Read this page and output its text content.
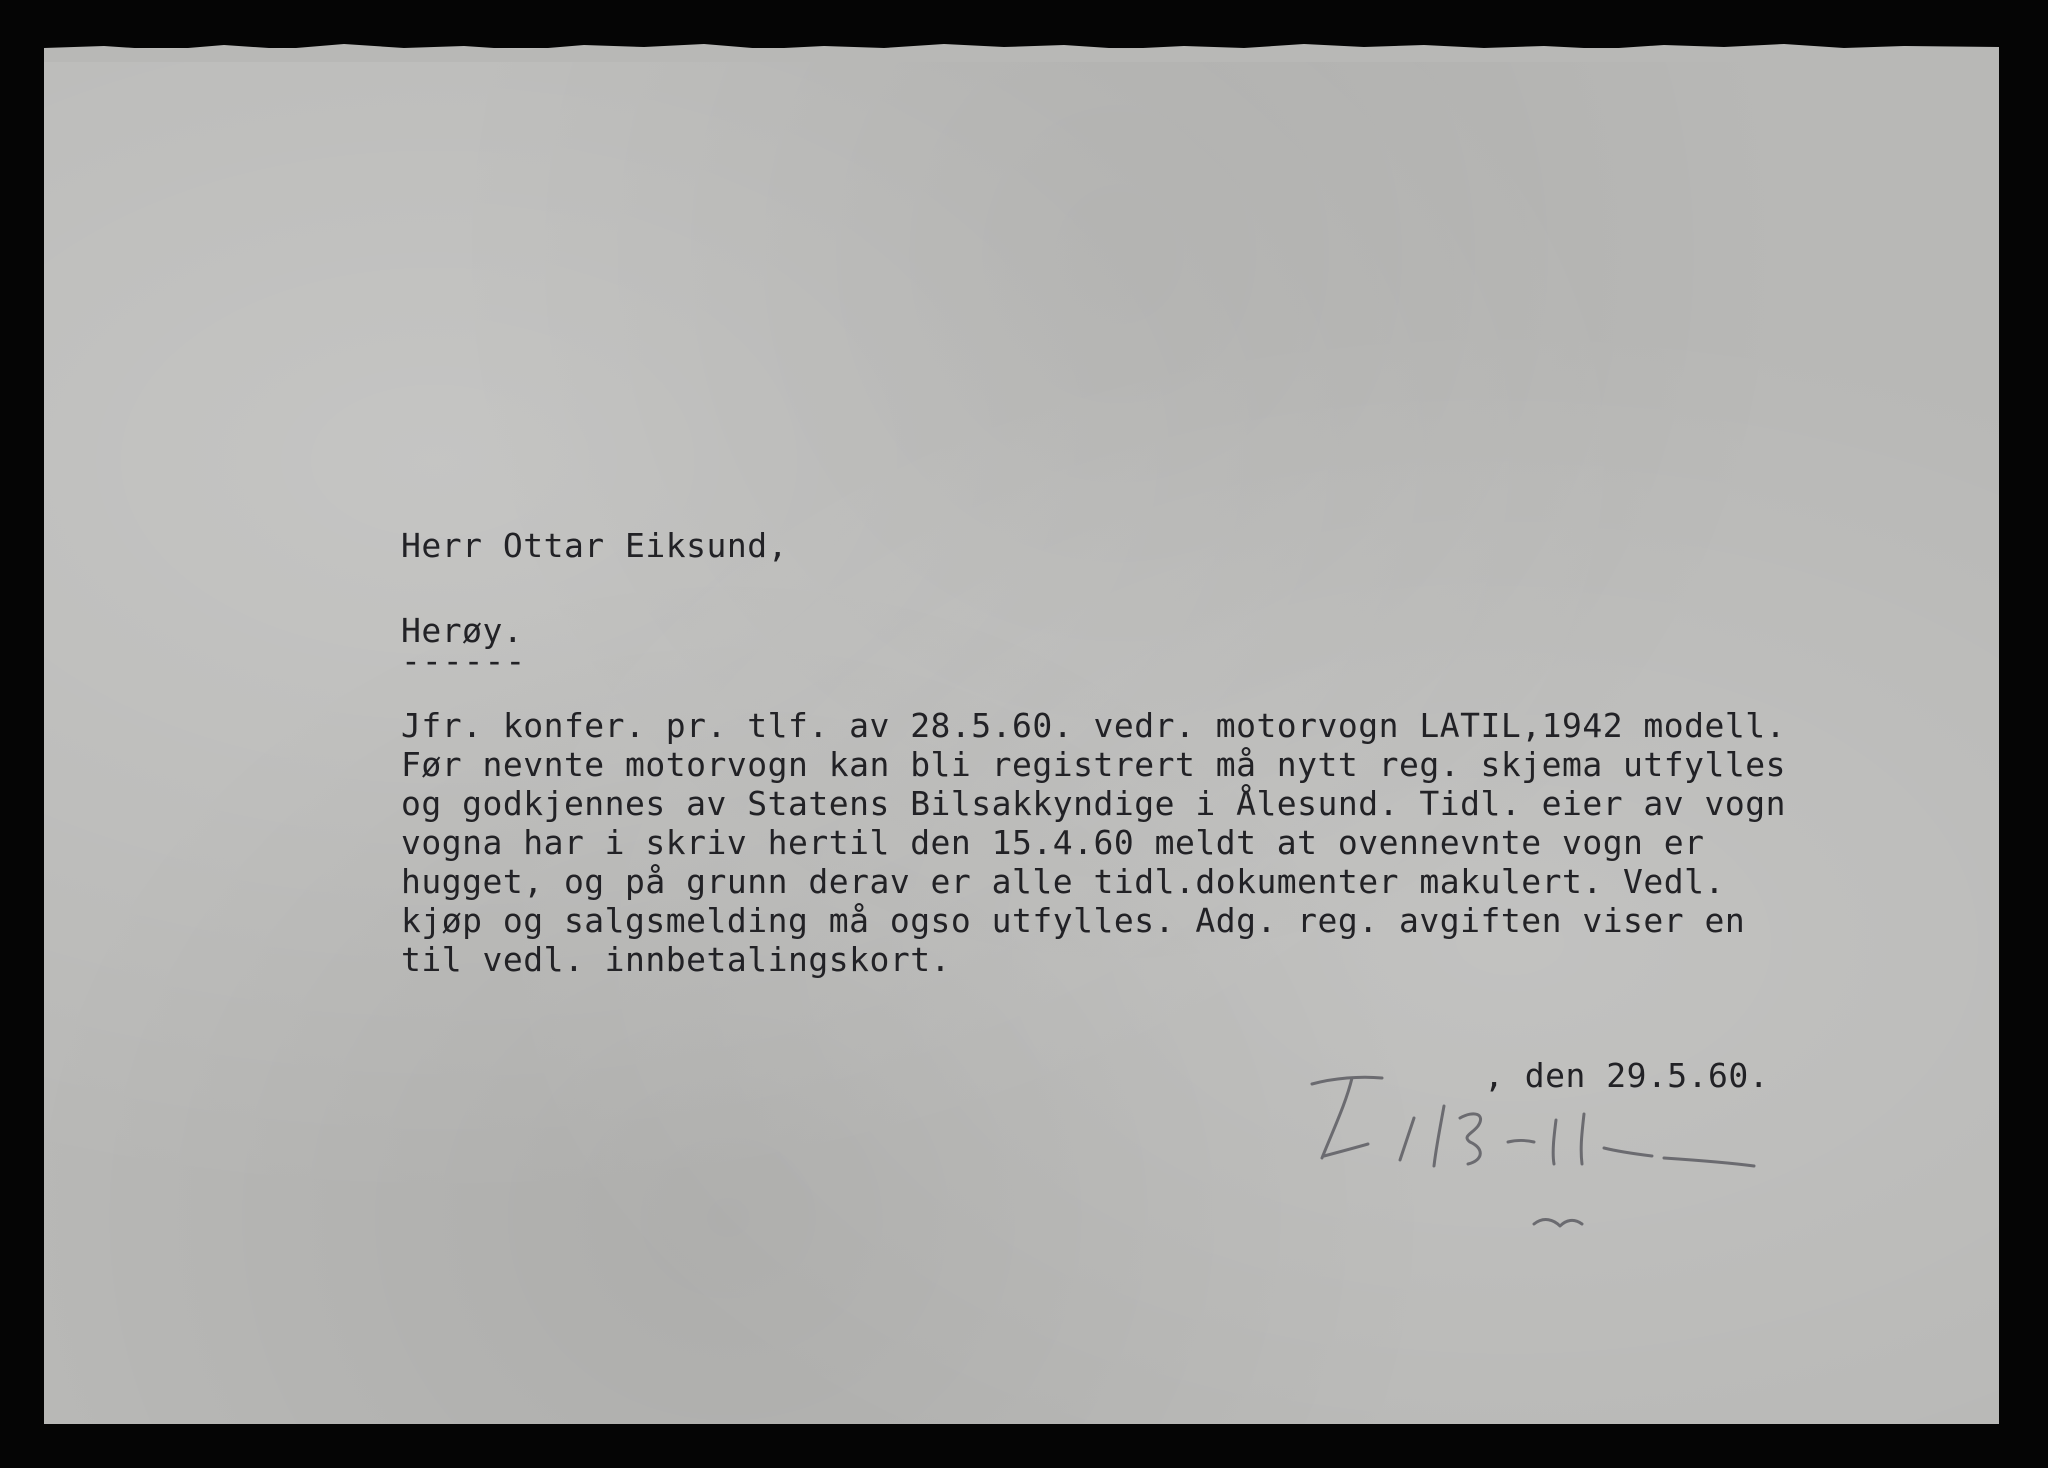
Herr Ottar Eiksund,
Herøy.
------
Jfr. konfer. pr. tlf. av 28.5.60. vedr. motorvogn LATIL,1942 modell.
Før nevnte motorvogn kan bli registrert må nytt reg. skjema utfylles
og godkjennes av Statens Bilsakkyndige i Ålesund. Tidl. eier av vogn
vogna har i skriv hertil den 15.4.60 meldt at ovennevnte vogn er
hugget, og på grunn derav er alle tidl.dokumenter makulert. Vedl.
kjøp og salgsmelding må ogso utfylles. Adg. reg. avgiften viser en
til vedl. innbetalingskort.
, den 29.5.60.
